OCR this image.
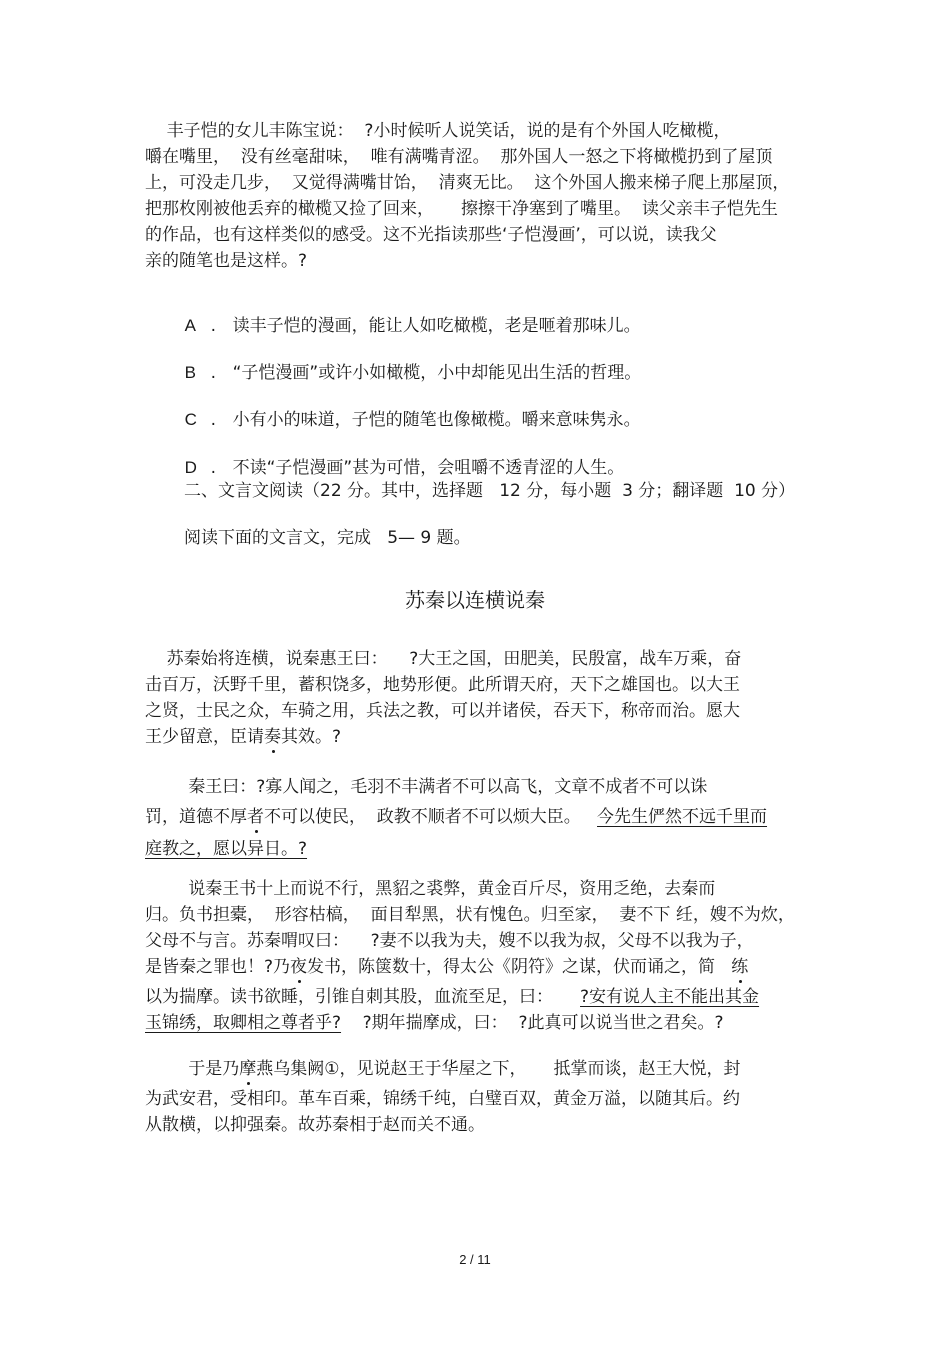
丰子恺的女儿丰陈宝说：  ?小时候听人说笑话，说的是有个外国人吃橄榄，
嚼在嘴里，  没有丝毫甜味，  唯有满嘴青涩。  那外国人一怒之下将橄榄扔到了屋顶
上，可没走几步，  又觉得满嘴甘饴，  清爽无比。  这个外国人搬来梯子爬上那屋顶，
把那枚刚被他丢弃的橄榄又捡了回来，     擦擦干净塞到了嘴里。  读父亲丰子恺先生
的作品，也有这样类似的感受。这不光指读那些‘子恺漫画’，可以说，读我父
亲的随笔也是这样。?

A . 读丰子恺的漫画，能让人如吃橄榄，老是咂着那味儿。

B . “子恺漫画”或许小如橄榄，小中却能见出生活的哲理。

C . 小有小的味道，子恺的随笔也像橄榄。嚼来意味隽永。

D . 不读“子恺漫画”甚为可惜，会咀嚼不透青涩的人生。

二、文言文阅读（22 分。其中，选择题   12 分，每小题  3 分；翻译题  10 分）
阅读下面的文言文，完成   5— 9 题。
苏秦以连横说秦
苏秦始将连横，说秦惠王曰：    ?大王之国，田肥美，民殷富，战车万乘，奋
击百万，沃野千里，蓄积饶多，地势形便。此所谓天府，天下之雄国也。以大王
之贤，士民之众，车骑之用，兵法之教，可以并诸侯，吞天下，称帝而治。愿大
王少留意，臣请奏其效。?
秦王曰：?寡人闻之，毛羽不丰满者不可以高飞，文章不成者不可以诛
罚，道德不厚者不可以使民，  政教不顺者不可以烦大臣。   今先生俨然不远千里而
庭教之，愿以异日。?
说秦王书十上而说不行，黑貂之裘弊，黄金百斤尽，资用乏绝，去秦而
归。负书担橐，  形容枯槁，  面目犁黑，状有愧色。归至家，  妻不下 纴，嫂不为炊，
父母不与言。苏秦喟叹曰：    ?妻不以我为夫，嫂不以我为叔，父母不以我为子，
是皆秦之罪也！?乃夜发书，陈箧数十，得太公《阴符》之谋，伏而诵之，简   练
以为揣摩。读书欲睡，引锥自刺其股，血流至足，曰：     ?安有说人主不能出其金
玉锦绣，取卿相之尊者乎?    ?期年揣摩成，曰：  ?此真可以说当世之君矣。?
于是乃摩燕乌集阙①，见说赵王于华屋之下，     抵掌而谈，赵王大悦，封
为武安君，受相印。革车百乘，锦绣千纯，白璧百双，黄金万溢，以随其后。约
从散横，以抑强秦。故苏秦相于赵而关不通。
2 / 11
